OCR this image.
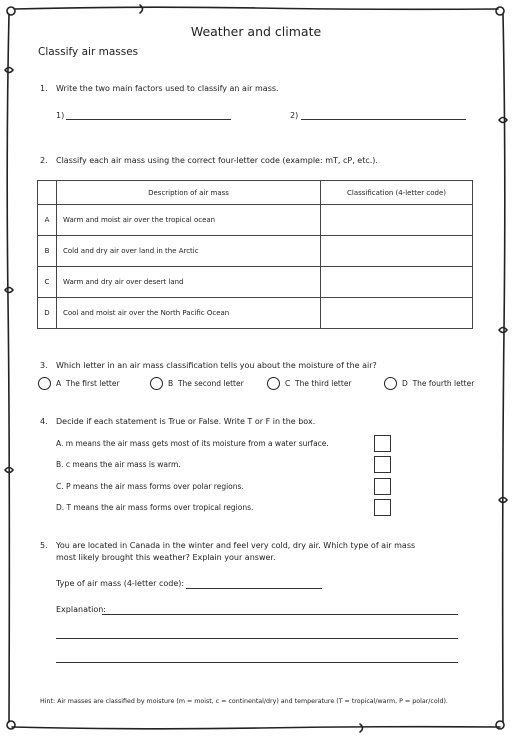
Weather and climate
Classify air masses
1. Write the two main factors used to classify an air mass.
1)	2)
2. Classify each air mass using the correct four-letter code (example: mT, cP, etc.).
	Description of air mass	Classification (4-letter code)
A	Warm and moist air over the tropical ocean	
B	Cold and dry air over land in the Arctic	
C	Warm and dry air over desert land	
D	Cool and moist air over the North Pacific Ocean	
3. Which letter in an air mass classification tells you about the moisture of the air?
A
The first letter	B
The second letter	C
The third letter	D
The fourth letter
4. Decide if each statement is True or False. Write T or F in the box.
A. m means the air mass gets most of its moisture from a water surface.
B. c means the air mass is warm.
C. P means the air mass forms over polar regions.
D. T means the air mass forms over tropical regions.
5. You are located in Canada in the winter and feel very cold, dry air. Which type of air mass
most likely brought this weather? Explain your answer.
Type of air mass (4-letter code):
Explanation:
Hint: Air masses are classified by moisture (m = moist, c = continental/dry) and temperature (T = tropical/warm, P = polar/cold).
